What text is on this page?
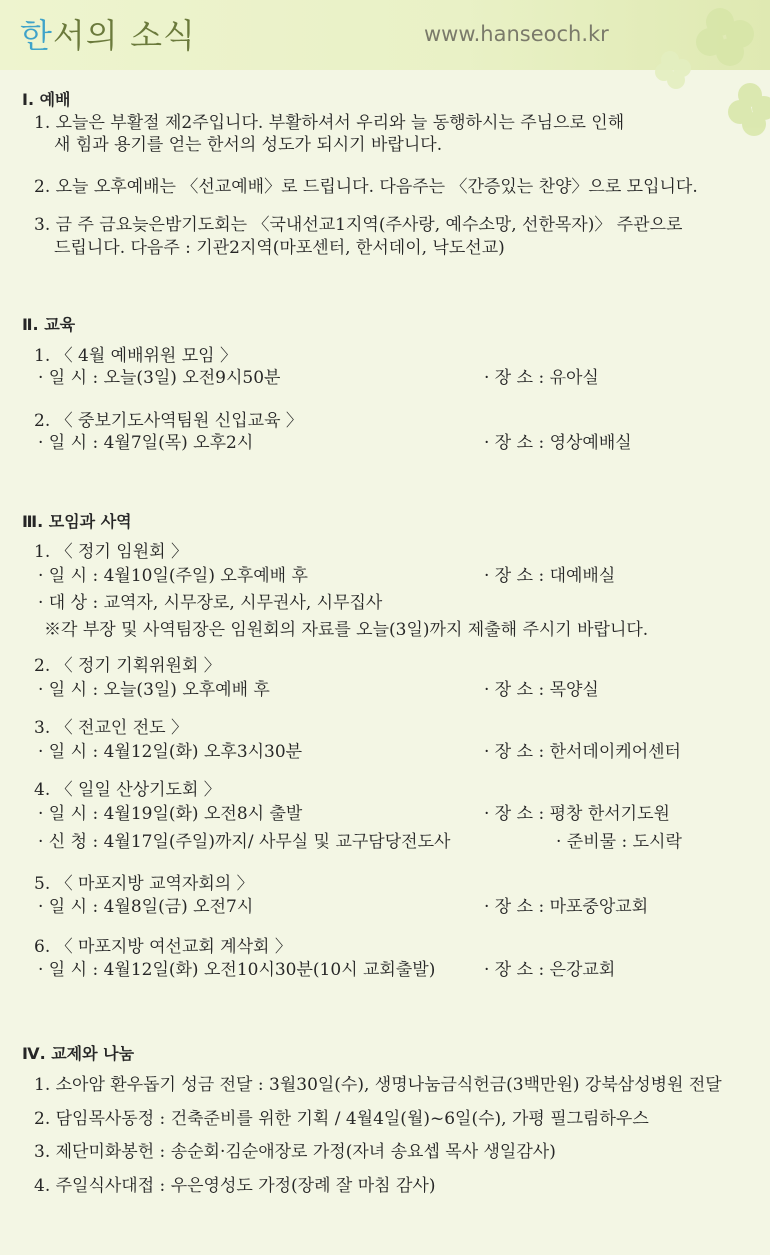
한서의 소식	www.hanseoch.kr
Ⅰ. 예배
1. 오늘은 부활절 제2주입니다. 부활하셔서 우리와 늘 동행하시는 주님으로 인해
새 힘과 용기를 얻는 한서의 성도가 되시기 바랍니다.
2. 오늘 오후예배는 〈선교예배〉로 드립니다. 다음주는 〈간증있는 찬양〉으로 모입니다.
3. 금 주 금요늦은밤기도회는 〈국내선교1지역(주사랑, 예수소망, 선한목자)〉 주관으로
드립니다. 다음주 : 기관2지역(마포센터, 한서데이, 낙도선교)
Ⅱ. 교육
1. 〈 4월 예배위원 모임 〉
· 일 시 : 오늘(3일) 오전9시50분	· 장 소 : 유아실
2. 〈 중보기도사역팀원 신입교육 〉
· 일 시 : 4월7일(목) 오후2시	· 장 소 : 영상예배실
Ⅲ. 모임과 사역
1. 〈 정기 임원회 〉
· 일 시 : 4월10일(주일) 오후예배 후	· 장 소 : 대예배실
· 대 상 : 교역자, 시무장로, 시무권사, 시무집사
※각 부장 및 사역팀장은 임원회의 자료를 오늘(3일)까지 제출해 주시기 바랍니다.
2. 〈 정기 기획위원회 〉
· 일 시 : 오늘(3일) 오후예배 후	· 장 소 : 목양실
3. 〈 전교인 전도 〉
· 일 시 : 4월12일(화) 오후3시30분	· 장 소 : 한서데이케어센터
4. 〈 일일 산상기도회 〉
· 일 시 : 4월19일(화) 오전8시 출발	· 장 소 : 평창 한서기도원
· 신 청 : 4월17일(주일)까지/ 사무실 및 교구담당전도사	· 준비물 : 도시락
5. 〈 마포지방 교역자회의 〉
· 일 시 : 4월8일(금) 오전7시	· 장 소 : 마포중앙교회
6. 〈 마포지방 여선교회 계삭회 〉
· 일 시 : 4월12일(화) 오전10시30분(10시 교회출발)	· 장 소 : 은강교회
Ⅳ. 교제와 나눔
1. 소아암 환우돕기 성금 전달 : 3월30일(수), 생명나눔금식헌금(3백만원) 강북삼성병원 전달
2. 담임목사동정 : 건축준비를 위한 기획 / 4월4일(월)~6일(수), 가평 필그림하우스
3. 제단미화봉헌 : 송순회·김순애장로 가정(자녀 송요셉 목사 생일감사)
4. 주일식사대접 : 우은영성도 가정(장례 잘 마침 감사)
